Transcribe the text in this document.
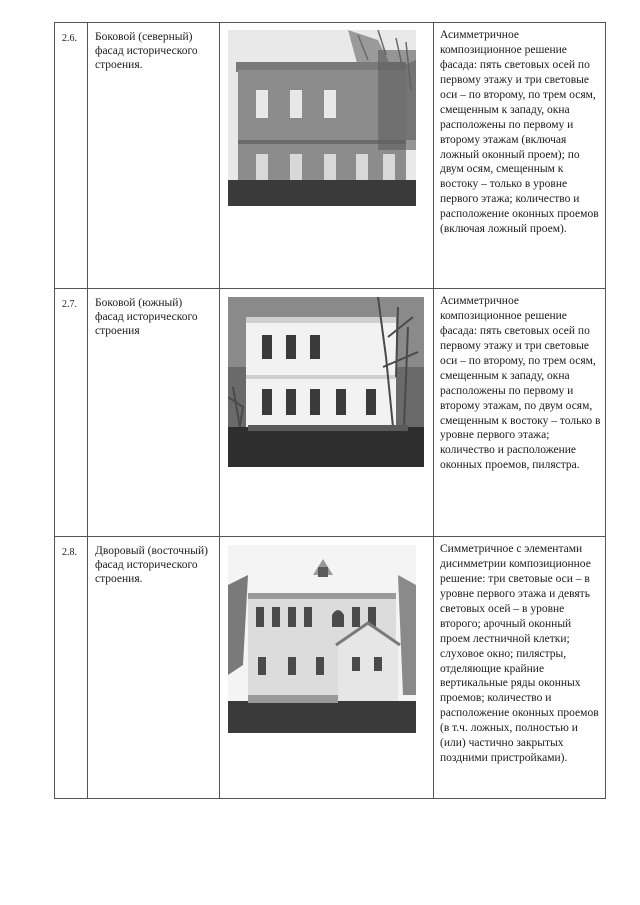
2.6.	Боковой (северный) фасад исторического строения.		Асимметричное композиционное решение фасада: пять световых осей по первому этажу и три световые оси – по второму, по трем осям, смещенным к западу, окна расположены по первому и второму этажам (включая ложный оконный проем); по двум осям, смещенным к востоку – только в уровне первого этажа; количество и расположение оконных проемов (включая ложный проем).

2.7.	Боковой (южный) фасад исторического строения		Асимметричное композиционное решение фасада: пять световых осей по первому этажу и три световые оси – по второму, по трем осям, смещенным к западу, окна расположены по первому и второму этажам, по двум осям, смещенным к востоку – только в уровне первого этажа; количество и расположение оконных проемов, пилястра.

2.8.	Дворовый (восточный) фасад исторического строения.		Симметричное с элементами дисимметрии композиционное решение: три световые оси – в уровне первого этажа и девять световых осей – в уровне второго; арочный оконный проем лестничной клетки; слуховое окно; пилястры, отделяющие крайние вертикальные ряды оконных проемов; количество и расположение оконных проемов (в т.ч. ложных, полностью и (или) частично закрытых поздними пристройками).
